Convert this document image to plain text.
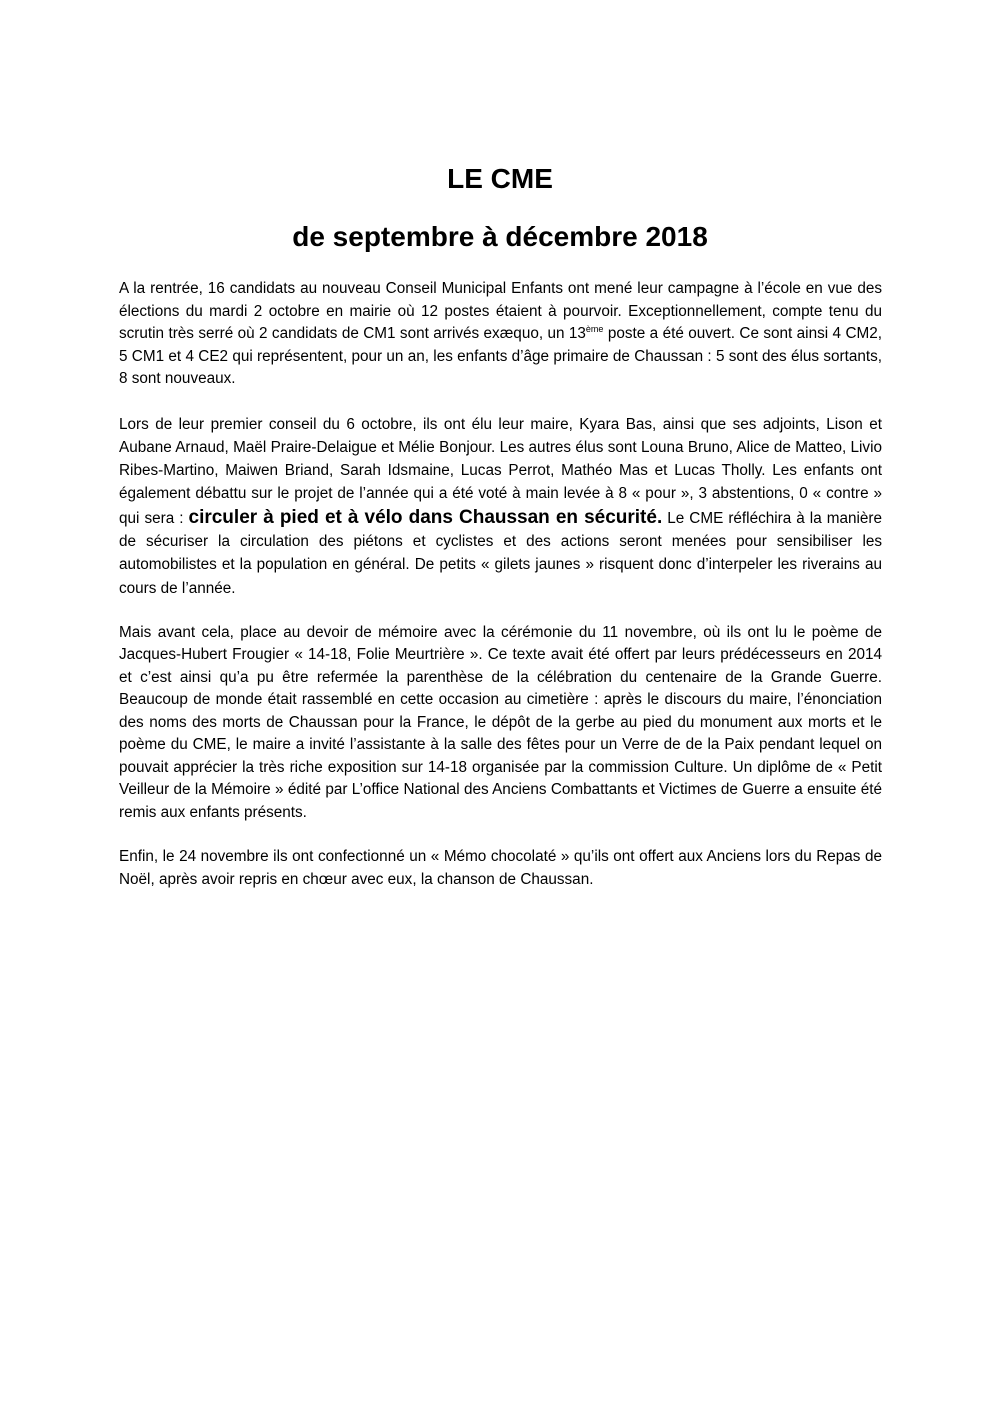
LE CME
de septembre à décembre 2018

A la rentrée, 16 candidats au nouveau Conseil Municipal Enfants ont mené leur campagne à l’école en vue des élections du mardi 2 octobre en mairie où 12 postes étaient à pourvoir. Exceptionnellement, compte tenu du scrutin très serré où 2 candidats de CM1 sont arrivés exæquo, un 13ème poste a été ouvert. Ce sont ainsi 4 CM2, 5 CM1 et 4 CE2 qui représentent, pour un an, les enfants d’âge primaire de Chaussan : 5 sont des élus sortants, 8 sont nouveaux.

Lors de leur premier conseil du 6 octobre, ils ont élu leur maire, Kyara Bas, ainsi que ses adjoints, Lison et Aubane Arnaud, Maël Praire-Delaigue et Mélie Bonjour. Les autres élus sont Louna Bruno, Alice de Matteo, Livio Ribes-Martino, Maiwen Briand, Sarah Idsmaine, Lucas Perrot, Mathéo Mas et Lucas Tholly. Les enfants ont également débattu sur le projet de l’année qui a été voté à main levée à 8 « pour », 3 abstentions, 0 « contre » qui sera : circuler à pied et à vélo dans Chaussan en sécurité. Le CME réfléchira à la manière de sécuriser la circulation des piétons et cyclistes et des actions seront menées pour sensibiliser les automobilistes et la population en général. De petits « gilets jaunes » risquent donc d’interpeler les riverains au cours de l’année.

Mais avant cela, place au devoir de mémoire avec la cérémonie du 11 novembre, où ils ont lu le poème de Jacques-Hubert Frougier « 14-18, Folie Meurtrière ». Ce texte avait été offert par leurs prédécesseurs en 2014 et c’est ainsi qu’a pu être refermée la parenthèse de la célébration du centenaire de la Grande Guerre. Beaucoup de monde était rassemblé en cette occasion au cimetière : après le discours du maire, l’énonciation des noms des morts de Chaussan pour la France, le dépôt de la gerbe au pied du monument aux morts et le poème du CME, le maire a invité l’assistante à la salle des fêtes pour un Verre de de la Paix pendant lequel on pouvait apprécier la très riche exposition sur 14-18 organisée par la commission Culture. Un diplôme de « Petit Veilleur de la Mémoire » édité par L’office National des Anciens Combattants et Victimes de Guerre a ensuite été remis aux enfants présents.

Enfin, le 24 novembre ils ont confectionné un « Mémo chocolaté » qu’ils ont offert aux Anciens lors du Repas de Noël, après avoir repris en chœur avec eux, la chanson de Chaussan.
